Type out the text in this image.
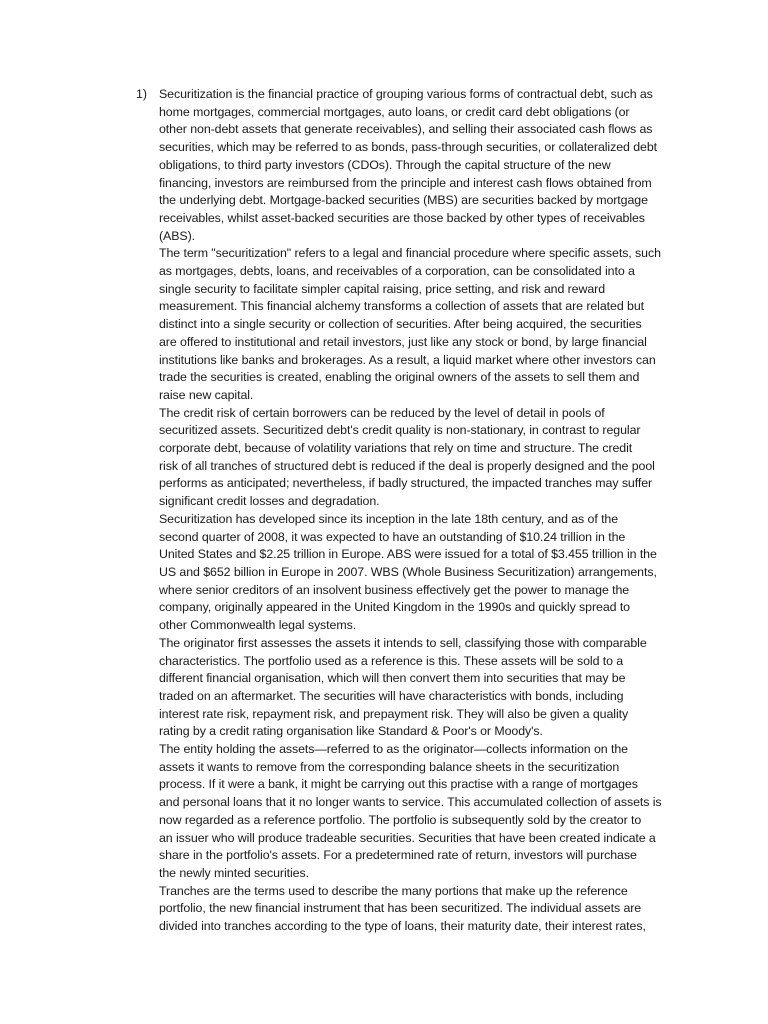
1) Securitization is the financial practice of grouping various forms of contractual debt, such as
home mortgages, commercial mortgages, auto loans, or credit card debt obligations (or
other non-debt assets that generate receivables), and selling their associated cash flows as
securities, which may be referred to as bonds, pass-through securities, or collateralized debt
obligations, to third party investors (CDOs). Through the capital structure of the new
financing, investors are reimbursed from the principle and interest cash flows obtained from
the underlying debt. Mortgage-backed securities (MBS) are securities backed by mortgage
receivables, whilst asset-backed securities are those backed by other types of receivables
(ABS).

The term "securitization" refers to a legal and financial procedure where specific assets, such
as mortgages, debts, loans, and receivables of a corporation, can be consolidated into a
single security to facilitate simpler capital raising, price setting, and risk and reward
measurement. This financial alchemy transforms a collection of assets that are related but
distinct into a single security or collection of securities. After being acquired, the securities
are offered to institutional and retail investors, just like any stock or bond, by large financial
institutions like banks and brokerages. As a result, a liquid market where other investors can
trade the securities is created, enabling the original owners of the assets to sell them and
raise new capital.

The credit risk of certain borrowers can be reduced by the level of detail in pools of
securitized assets. Securitized debt's credit quality is non-stationary, in contrast to regular
corporate debt, because of volatility variations that rely on time and structure. The credit
risk of all tranches of structured debt is reduced if the deal is properly designed and the pool
performs as anticipated; nevertheless, if badly structured, the impacted tranches may suffer
significant credit losses and degradation.

Securitization has developed since its inception in the late 18th century, and as of the
second quarter of 2008, it was expected to have an outstanding of $10.24 trillion in the
United States and $2.25 trillion in Europe. ABS were issued for a total of $3.455 trillion in the
US and $652 billion in Europe in 2007. WBS (Whole Business Securitization) arrangements,
where senior creditors of an insolvent business effectively get the power to manage the
company, originally appeared in the United Kingdom in the 1990s and quickly spread to
other Commonwealth legal systems.

The originator first assesses the assets it intends to sell, classifying those with comparable
characteristics. The portfolio used as a reference is this. These assets will be sold to a
different financial organisation, which will then convert them into securities that may be
traded on an aftermarket. The securities will have characteristics with bonds, including
interest rate risk, repayment risk, and prepayment risk. They will also be given a quality
rating by a credit rating organisation like Standard & Poor's or Moody's.

The entity holding the assets—referred to as the originator—collects information on the
assets it wants to remove from the corresponding balance sheets in the securitization
process. If it were a bank, it might be carrying out this practise with a range of mortgages
and personal loans that it no longer wants to service. This accumulated collection of assets is
now regarded as a reference portfolio. The portfolio is subsequently sold by the creator to
an issuer who will produce tradeable securities. Securities that have been created indicate a
share in the portfolio's assets. For a predetermined rate of return, investors will purchase
the newly minted securities.

Tranches are the terms used to describe the many portions that make up the reference
portfolio, the new financial instrument that has been securitized. The individual assets are
divided into tranches according to the type of loans, their maturity date, their interest rates,
